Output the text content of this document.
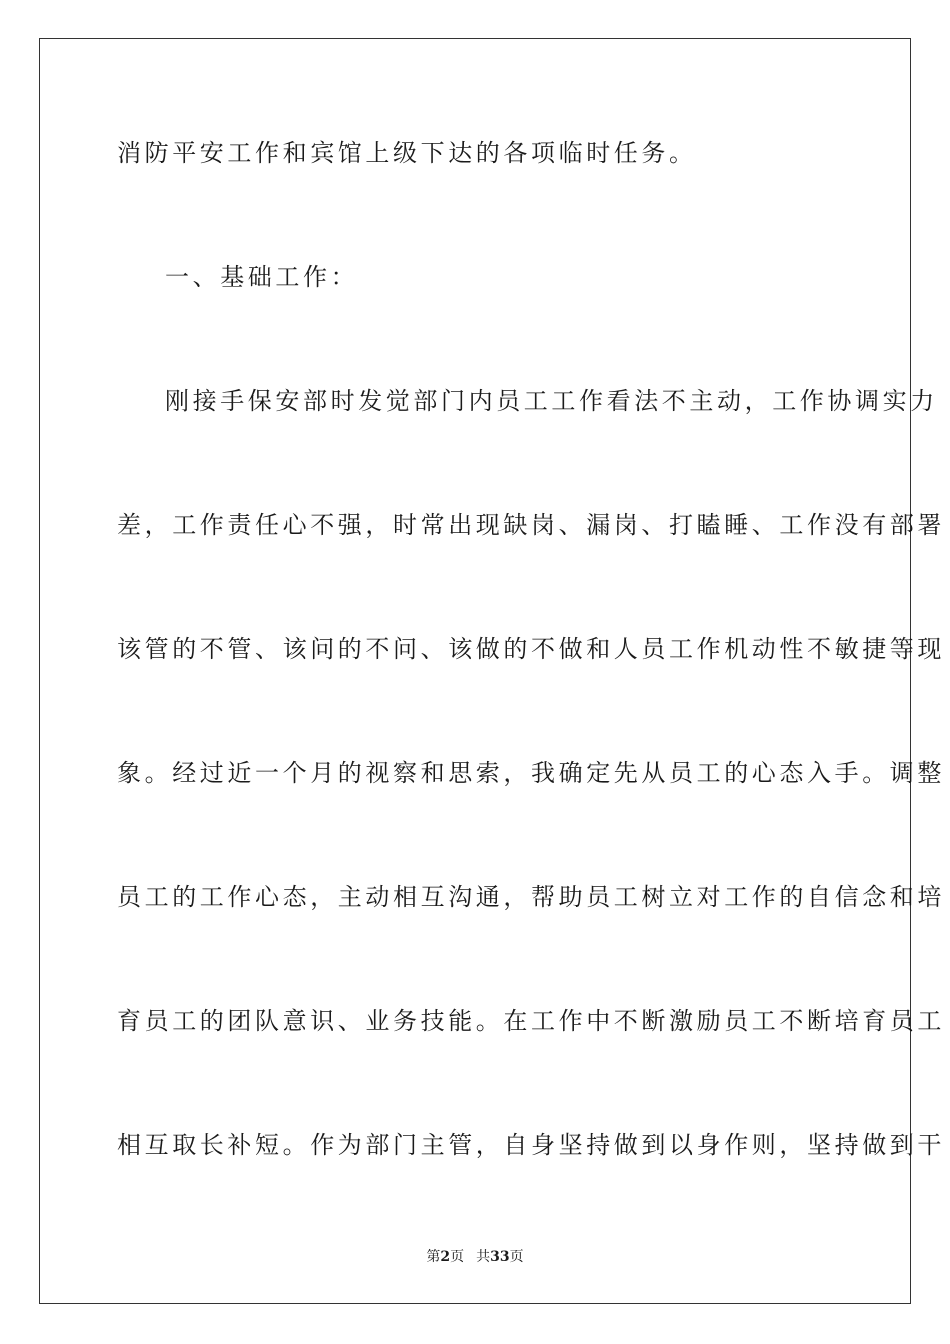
消防平安工作和宾馆上级下达的各项临时任务。
一、基础工作：
刚接手保安部时发觉部门内员工工作看法不主动，工作协调实力
差，工作责任心不强，时常出现缺岗、漏岗、打瞌睡、工作没有部署
该管的不管、该问的不问、该做的不做和人员工作机动性不敏捷等现
象。经过近一个月的视察和思索，我确定先从员工的心态入手。调整
员工的工作心态，主动相互沟通，帮助员工树立对工作的自信念和培
育员工的团队意识、业务技能。在工作中不断激励员工不断培育员工
相互取长补短。作为部门主管，自身坚持做到以身作则，坚持做到干
第2页 共33页
